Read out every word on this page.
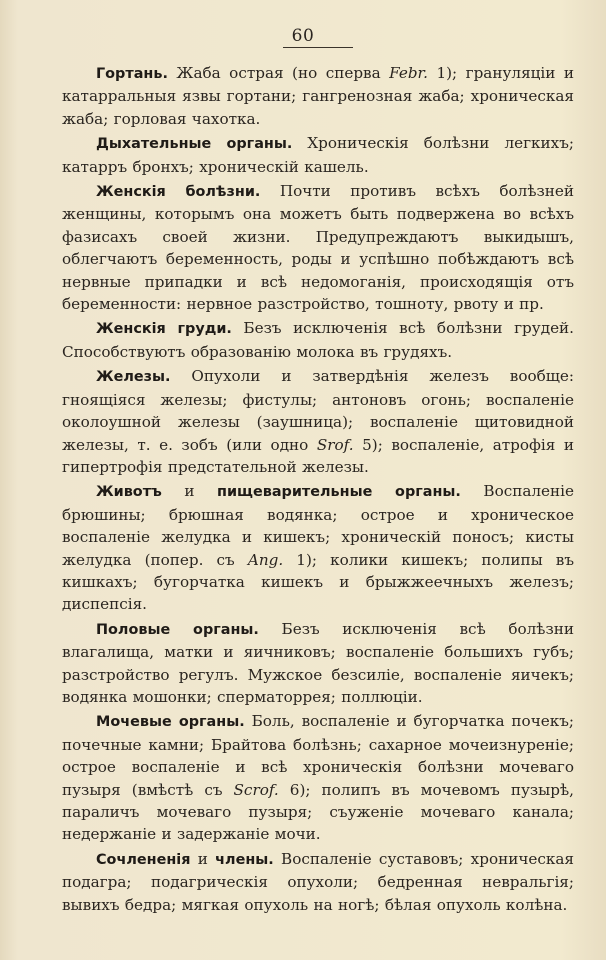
60

Гортань. Жаба острая (но сперва Febr. 1); грануляціи и катарральныя язвы гортани; гангренозная жаба; хроническая жаба; горловая чахотка.

Дыхательные органы. Хроническія болѣзни легкихъ; катарръ бронхъ; хроническій кашель.

Женскія болѣзни. Почти противъ всѣхъ болѣзней женщины, которымъ она можетъ быть подвержена во всѣхъ фазисахъ своей жизни. Предупреждаютъ выкидышъ, облегчаютъ беременность, роды и успѣшно побѣждаютъ всѣ нервные припадки и всѣ недомоганія, происходящія отъ беременности: нервное разстройство, тошноту, рвоту и пр.

Женскія груди. Безъ исключенія всѣ болѣзни грудей. Способствуютъ образованію молока въ грудяхъ.

Железы. Опухоли и затвердѣнія железъ вообще: гноящіяся железы; фистулы; антоновъ огонь; воспаленіе околоушной железы (заушница); воспаленіе щитовидной железы, т. е. зобъ (или одно Srof. 5); воспаленіе, атрофія и гипертрофія предстательной железы.

Животъ и пищеварительные органы. Воспаленіе брюшины; брюшная водянка; острое и хроническое воспаленіе желудка и кишекъ; хроническій поносъ; кисты желудка (попер. съ Ang. 1); колики кишекъ; полипы въ кишкахъ; бугорчатка кишекъ и брыжжеечныхъ железъ; диспепсія.

Половые органы. Безъ исключенія всѣ болѣзни влагалища, матки и яичниковъ; воспаленіе большихъ губъ; разстройство регулъ. Мужское безсиліе, воспаленіе яичекъ; водянка мошонки; сперматоррея; поллюціи.

Мочевые органы. Боль, воспаленіе и бугорчатка почекъ; почечные камни; Брайтова болѣзнь; сахарное мочеизнуреніе; острое воспаленіе и всѣ хроническія болѣзни мочеваго пузыря (вмѣстѣ съ Scrof. 6); полипъ въ мочевомъ пузырѣ, параличъ мочеваго пузыря; съуженіе мочеваго канала; недержаніе и задержаніе мочи.

Сочлененія и члены. Воспаленіе суставовъ; хроническая подагра; подагрическія опухоли; бедренная невральгія; вывихъ бедра; мягкая опухоль на ногѣ; бѣлая опухоль колѣна.
